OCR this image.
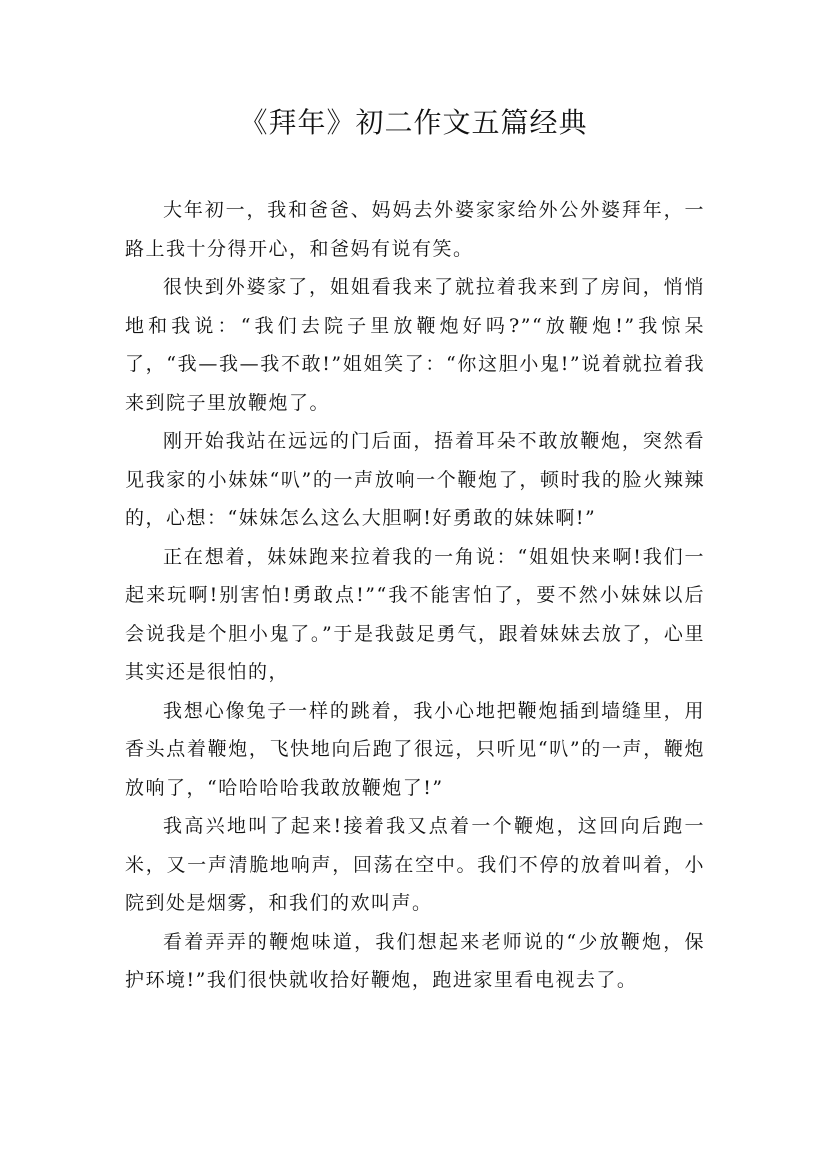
《拜年》初二作文五篇经典

大年初一，我和爸爸、妈妈去外婆家家给外公外婆拜年，一路上我十分得开心，和爸妈有说有笑。

很快到外婆家了，姐姐看我来了就拉着我来到了房间，悄悄地和我说：“我们去院子里放鞭炮好吗?”“放鞭炮!”我惊呆了，“我—我—我不敢!”姐姐笑了：“你这胆小鬼!”说着就拉着我来到院子里放鞭炮了。

刚开始我站在远远的门后面，捂着耳朵不敢放鞭炮，突然看见我家的小妹妹“叭”的一声放响一个鞭炮了，顿时我的脸火辣辣的，心想：“妹妹怎么这么大胆啊!好勇敢的妹妹啊!”

正在想着，妹妹跑来拉着我的一角说：“姐姐快来啊!我们一起来玩啊!别害怕!勇敢点!”“我不能害怕了，要不然小妹妹以后会说我是个胆小鬼了。”于是我鼓足勇气，跟着妹妹去放了，心里其实还是很怕的，

我想心像兔子一样的跳着，我小心地把鞭炮插到墙缝里，用香头点着鞭炮，飞快地向后跑了很远，只听见“叭”的一声，鞭炮放响了，“哈哈哈哈我敢放鞭炮了!”

我高兴地叫了起来!接着我又点着一个鞭炮，这回向后跑一米，又一声清脆地响声，回荡在空中。我们不停的放着叫着，小院到处是烟雾，和我们的欢叫声。

看着弄弄的鞭炮味道，我们想起来老师说的“少放鞭炮，保护环境!”我们很快就收拾好鞭炮，跑进家里看电视去了。
